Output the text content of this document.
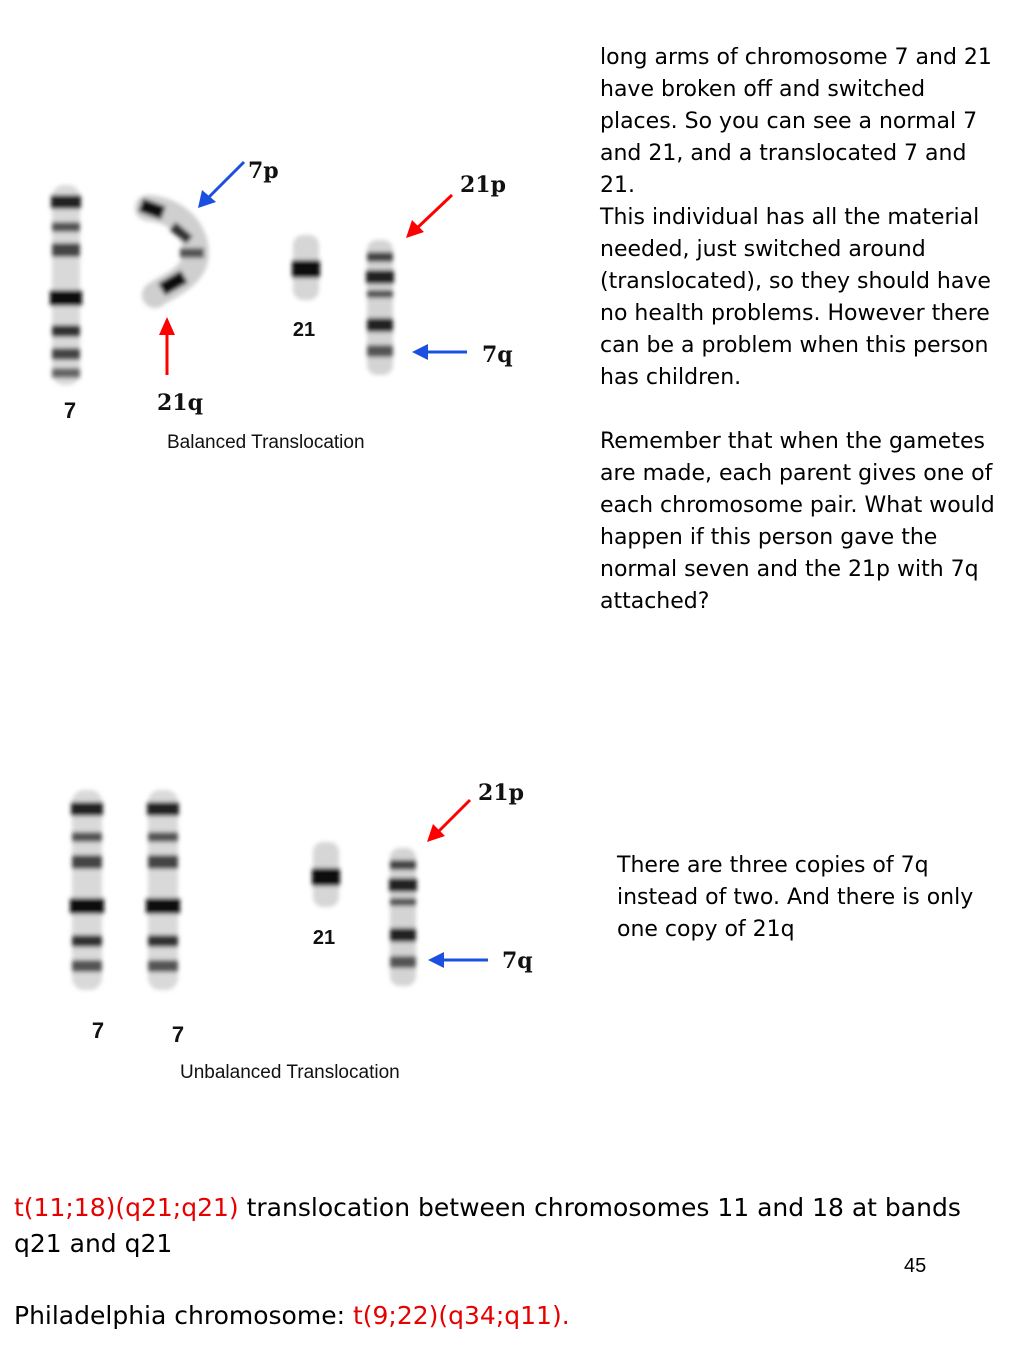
7
7p
21q
21
21p
7q
Balanced Translocation

long arms of chromosome 7 and 21 have broken off and switched places. So you can see a normal 7 and 21, and a translocated 7 and 21.

This individual has all the material needed, just switched around (translocated), so they should have no health problems. However there can be a problem when this person has children.

Remember that when the gametes are made, each parent gives one of each chromosome pair. What would happen if this person gave the normal seven and the 21p with 7q attached?

7	7
21
21p
7q
Unbalanced Translocation

There are three copies of 7q instead of two. And there is only one copy of 21q

t(11;18)(q21;q21) translocation between chromosomes 11 and 18 at bands q21 and q21

Philadelphia chromosome: t(9;22)(q34;q11).

45
